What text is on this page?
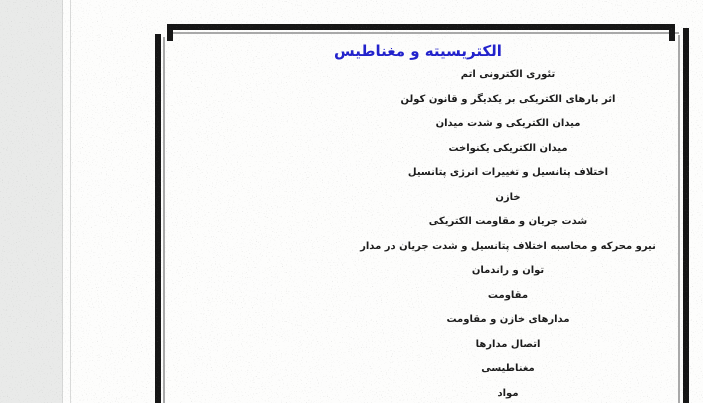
الکتریسیته و مغناطیس
تئوری الکترونی اتم
اثر بارهای الکتریکی بر یکدیگر و قانون کولن
میدان الکتریکی و شدت میدان
میدان الکتریکی یکنواخت
اختلاف پتانسیل و تغییرات انرژی پتانسیل
خازن
شدت جریان و مقاومت الکتریکی
نیرو محرکه و محاسبه اختلاف پتانسیل و شدت جریان در مدار
توان و راندمان
مقاومت
مدارهای خازن و مقاومت
اتصال مدارها
مغناطیسی
مواد
